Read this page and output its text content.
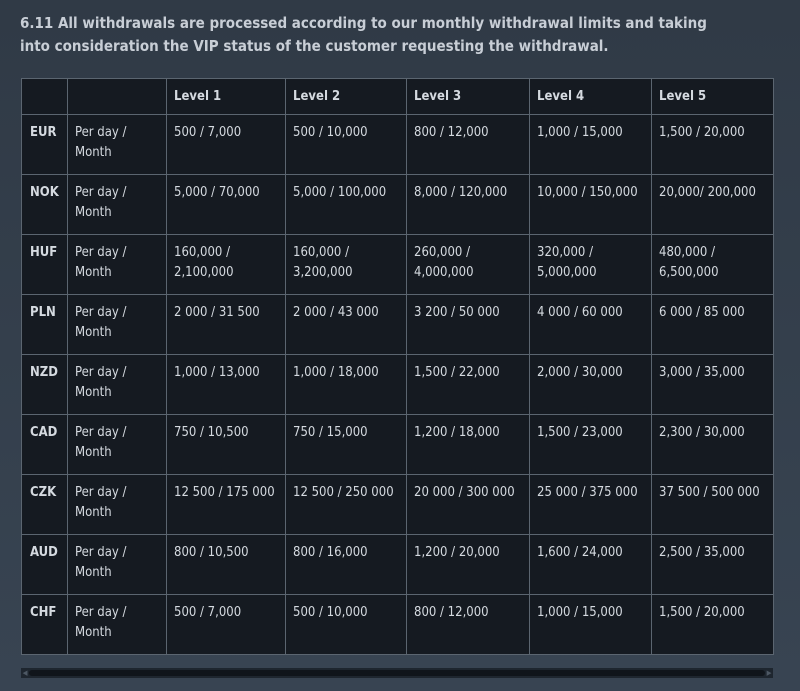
6.11 All withdrawals are processed according to our monthly withdrawal limits and taking into consideration the VIP status of the customer requesting the withdrawal.
		Level 1	Level 2	Level 3	Level 4	Level 5
EUR	Per day / Month	500 / 7,000	500 / 10,000	800 / 12,000	1,000 / 15,000	1,500 / 20,000
NOK	Per day / Month	5,000 / 70,000	5,000 / 100,000	8,000 / 120,000	10,000 / 150,000	20,000/ 200,000
HUF	Per day / Month	160,000 / 2,100,000	160,000 / 3,200,000	260,000 / 4,000,000	320,000 / 5,000,000	480,000 / 6,500,000
PLN	Per day / Month	2 000 / 31 500	2 000 / 43 000	3 200 / 50 000	4 000 / 60 000	6 000 / 85 000
NZD	Per day / Month	1,000 / 13,000	1,000 / 18,000	1,500 / 22,000	2,000 / 30,000	3,000 / 35,000
CAD	Per day / Month	750 / 10,500	750 / 15,000	1,200 / 18,000	1,500 / 23,000	2,300 / 30,000
CZK	Per day / Month	12 500 / 175 000	12 500 / 250 000	20 000 / 300 000	25 000 / 375 000	37 500 / 500 000
AUD	Per day / Month	800 / 10,500	800 / 16,000	1,200 / 20,000	1,600 / 24,000	2,500 / 35,000
CHF	Per day / Month	500 / 7,000	500 / 10,000	800 / 12,000	1,000 / 15,000	1,500 / 20,000
◀	▶
